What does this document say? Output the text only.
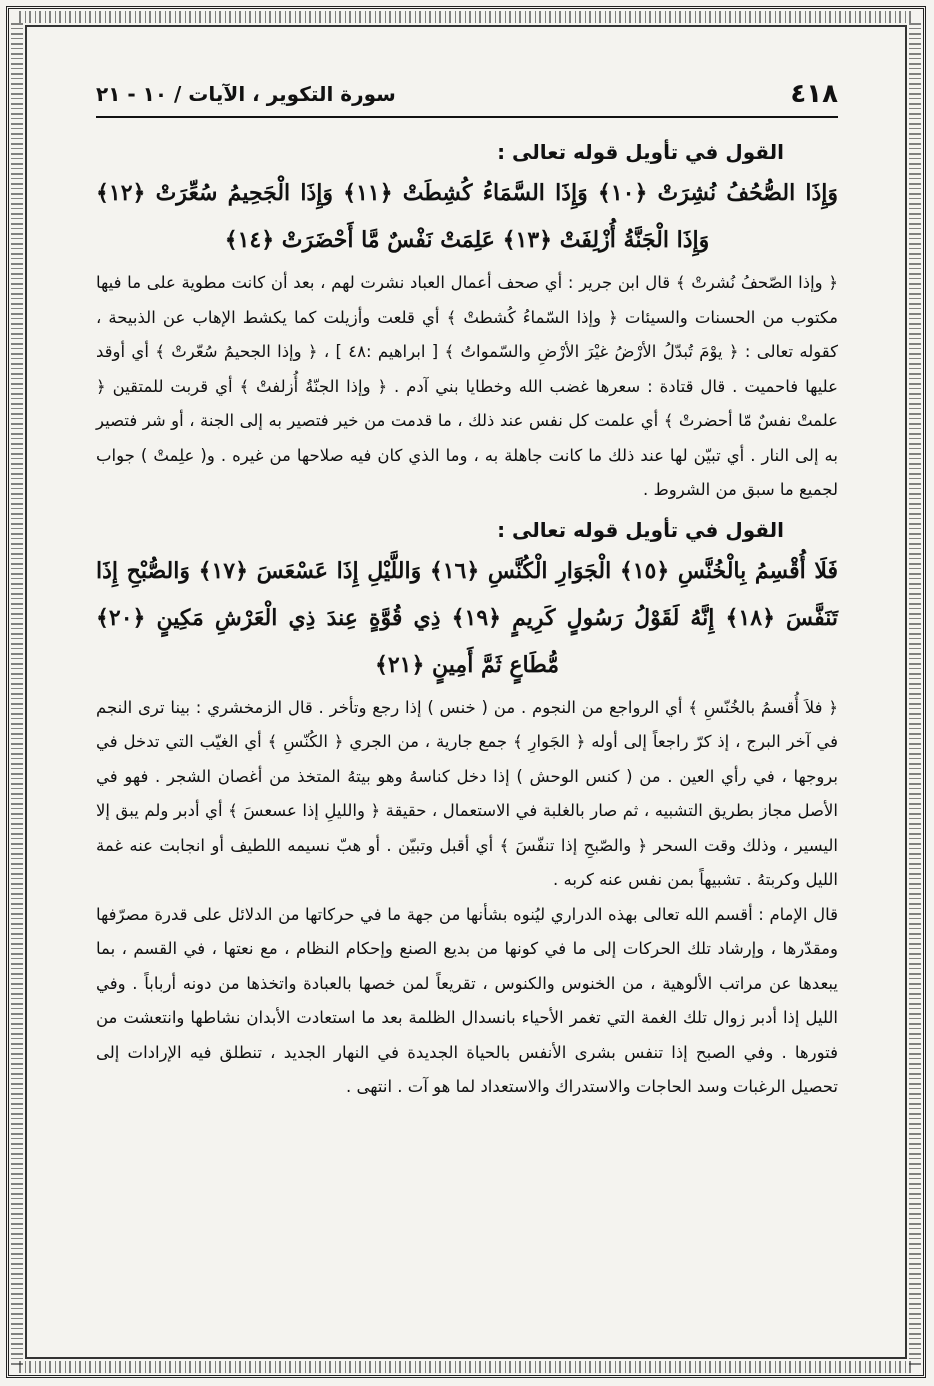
٤١٨
سورة التكوير ، الآيات / ١٠ - ٢١
القول في تأويل قوله تعالى :
وَإِذَا الصُّحُفُ نُشِرَتْ ﴿١٠﴾ وَإِذَا السَّمَاءُ كُشِطَتْ ﴿١١﴾ وَإِذَا الْجَحِيمُ سُعِّرَتْ ﴿١٢﴾ وَإِذَا الْجَنَّةُ أُزْلِفَتْ ﴿١٣﴾ عَلِمَتْ نَفْسٌ مَّا أَحْضَرَتْ ﴿١٤﴾
﴿ وإذا الصّحفُ نُشرتْ ﴾ قال ابن جرير : أي صحف أعمال العباد نشرت لهم ، بعد أن كانت مطوية على ما فيها مكتوب من الحسنات والسيئات ﴿ وإذا السّماءُ كُشطتْ ﴾ أي قلعت وأزيلت كما يكشط الإهاب عن الذبيحة ، كقوله تعالى : ﴿ يوْمَ تُبدّلُ الأرْضُ غيْرَ الأرْضِ والسّمواتُ ﴾ [ ابراهيم :٤٨ ] ، ﴿ وإذا الجحيمُ سُعّرتْ ﴾ أي أوقد عليها فاحميت . قال قتادة : سعرها غضب الله وخطايا بني آدم . ﴿ وإذا الجنّةُ أُزلفتْ ﴾ أي قربت للمتقين ﴿ علمتْ نفسٌ مّا أحضرتْ ﴾ أي علمت كل نفس عند ذلك ، ما قدمت من خير فتصير به إلى الجنة ، أو شر فتصير به إلى النار . أي تبيّن لها عند ذلك ما كانت جاهلة به ، وما الذي كان فيه صلاحها من غيره . و( علِمتْ ) جواب لجميع ما سبق من الشروط .
القول في تأويل قوله تعالى :
فَلَا أُقْسِمُ بِالْخُنَّسِ ﴿١٥﴾ الْجَوَارِ الْكُنَّسِ ﴿١٦﴾ وَاللَّيْلِ إِذَا عَسْعَسَ ﴿١٧﴾ وَالصُّبْحِ إِذَا تَنَفَّسَ ﴿١٨﴾ إِنَّهُ لَقَوْلُ رَسُولٍ كَرِيمٍ ﴿١٩﴾ ذِي قُوَّةٍ عِندَ ذِي الْعَرْشِ مَكِينٍ ﴿٢٠﴾ مُّطَاعٍ ثَمَّ أَمِينٍ ﴿٢١﴾
﴿ فلاَ أُقسمُ بالخُنّسِ ﴾ أي الرواجع من النجوم . من ( خنس ) إذا رجع وتأخر . قال الزمخشري : بينا ترى النجم في آخر البرج ، إذ كرّ راجعاً إلى أوله ﴿ الجَوارِ ﴾ جمع جارية ، من الجري ﴿ الكُنّسِ ﴾ أي الغيّب التي تدخل في بروجها ، في رأي العين . من ( كنس الوحش ) إذا دخل كناسهُ وهو بيتهُ المتخذ من أغصان الشجر . فهو في الأصل مجاز بطريق التشبيه ، ثم صار بالغلبة في الاستعمال ، حقيقة ﴿ والليلِ إذا عسعسَ ﴾ أي أدبر ولم يبق إلا اليسير ، وذلك وقت السحر ﴿ والصّبحِ إذا تنفّسَ ﴾ أي أقبل وتبيّن . أو هبّ نسيمه اللطيف أو انجابت عنه غمة الليل وكربتهُ . تشبيهاً بمن نفس عنه كربه .
قال الإمام : أقسم الله تعالى بهذه الدراري ليُنوه بشأنها من جهة ما في حركاتها من الدلائل على قدرة مصرّفها ومقدّرها ، وإرشاد تلك الحركات إلى ما في كونها من بديع الصنع وإحكام النظام ، مع نعتها ، في القسم ، بما يبعدها عن مراتب الألوهية ، من الخنوس والكنوس ، تقريعاً لمن خصها بالعبادة واتخذها من دونه أرباباً . وفي الليل إذا أدبر زوال تلك الغمة التي تغمر الأحياء بانسدال الظلمة بعد ما استعادت الأبدان نشاطها وانتعشت من فتورها . وفي الصبح إذا تنفس بشرى الأنفس بالحياة الجديدة في النهار الجديد ، تنطلق فيه الإرادات إلى تحصيل الرغبات وسد الحاجات والاستدراك والاستعداد لما هو آت . انتهى .
